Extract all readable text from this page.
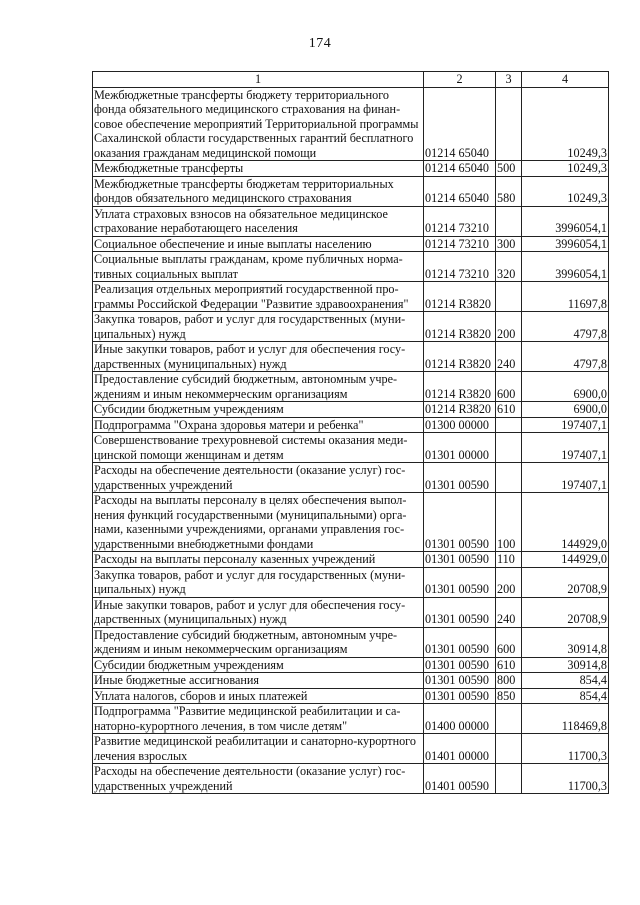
174
1	2	3	4
Межбюджетные трансферты бюджету территориального фонда обязательного медицинского страхования на финансовое обеспечение мероприятий Территориальной программы Сахалинской области государственных гарантий бесплатного оказания гражданам медицинской помощи	01214 65040		10249,3
Межбюджетные трансферты	01214 65040	500	10249,3
Межбюджетные трансферты бюджетам территориальных фондов обязательного медицинского страхования	01214 65040	580	10249,3
Уплата страховых взносов на обязательное медицинское страхование неработающего населения	01214 73210		3996054,1
Социальное обеспечение и иные выплаты населению	01214 73210	300	3996054,1
Социальные выплаты гражданам, кроме публичных нормативных социальных выплат	01214 73210	320	3996054,1
Реализация отдельных мероприятий государственной программы Российской Федерации "Развитие здравоохранения"	01214 R3820		11697,8
Закупка товаров, работ и услуг для государственных (муниципальных) нужд	01214 R3820	200	4797,8
Иные закупки товаров, работ и услуг для обеспечения государственных (муниципальных) нужд	01214 R3820	240	4797,8
Предоставление субсидий бюджетным, автономным учреждениям и иным некоммерческим организациям	01214 R3820	600	6900,0
Субсидии бюджетным учреждениям	01214 R3820	610	6900,0
Подпрограмма "Охрана здоровья матери и ребенка"	01300 00000		197407,1
Совершенствование трехуровневой системы оказания медицинской помощи женщинам и детям	01301 00000		197407,1
Расходы на обеспечение деятельности (оказание услуг) государственных учреждений	01301 00590		197407,1
Расходы на выплаты персоналу в целях обеспечения выполнения функций государственными (муниципальными) органами, казенными учреждениями, органами управления государственными внебюджетными фондами	01301 00590	100	144929,0
Расходы на выплаты персоналу казенных учреждений	01301 00590	110	144929,0
Закупка товаров, работ и услуг для государственных (муниципальных) нужд	01301 00590	200	20708,9
Иные закупки товаров, работ и услуг для обеспечения государственных (муниципальных) нужд	01301 00590	240	20708,9
Предоставление субсидий бюджетным, автономным учреждениям и иным некоммерческим организациям	01301 00590	600	30914,8
Субсидии бюджетным учреждениям	01301 00590	610	30914,8
Иные бюджетные ассигнования	01301 00590	800	854,4
Уплата налогов, сборов и иных платежей	01301 00590	850	854,4
Подпрограмма "Развитие медицинской реабилитации и санаторно-курортного лечения, в том числе детям"	01400 00000		118469,8
Развитие медицинской реабилитации и санаторно-курортного лечения взрослых	01401 00000		11700,3
Расходы на обеспечение деятельности (оказание услуг) государственных учреждений	01401 00590		11700,3
